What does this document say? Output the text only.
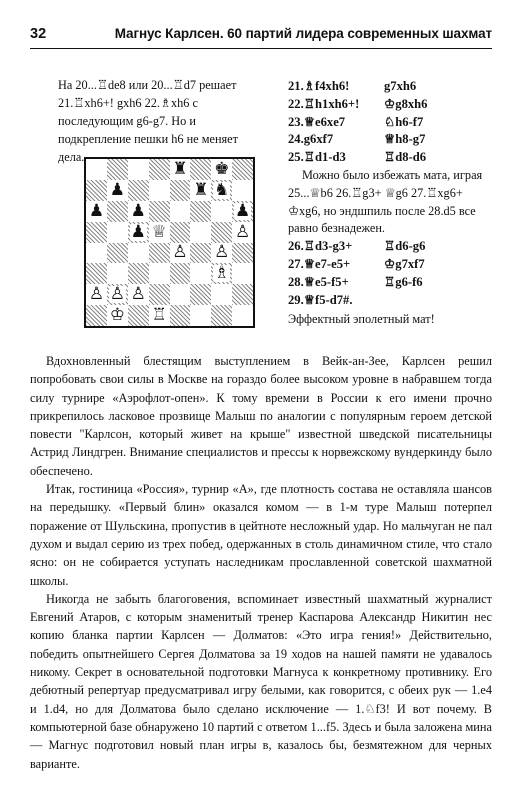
32	Магнус Карлсен. 60 партий лидера современных шахмат
На 20...♖de8 или 20...♖d7 решает 21.♖xh6+! gxh6 22.♗xh6 с последующим g6-g7. Но и подкрепление пешки h6 не меняет дела.
♜ ♚
♟	♜ ♞
♟ ♟	♟
♟ ♕	♙
♙ ♙
♗
♙ ♙ ♙
♔ ♖
21.♗f4xh6!	g7xh6
22.♖h1xh6+! ♔g8xh6
23.♕e6xe7	♘h6-f7
24.g6xf7	♕h8-g7
25.♖d1-d3	♖d8-d6
Можно было избежать мата, играя 25...♕b6 26.♖g3+ ♕g6 27.♖xg6+ ♔xg6, но эндшпиль после 28.d5 все равно безнадежен.
26.♖d3-g3+	♖d6-g6
27.♕e7-e5+	♔g7xf7
28.♕e5-f5+	♖g6-f6
29.♕f5-d7#.
Эффектный эполетный мат!

Вдохновленный блестящим выступлением в Вейк-ан-Зее, Карлсен решил попробовать свои силы в Москве на гораздо более высоком уровне в набравшем тогда силу турнире «Аэрофлот-опен». К тому времени в России к его имени прочно прикрепилось ласковое прозвище Малыш по аналогии с популярным героем детской повести "Карлсон, который живет на крыше" известной шведской писательницы Астрид Линдгрен. Внимание специалистов и прессы к норвежскому вундеркинду было обеспечено.

Итак, гостиница «Россия», турнир «А», где плотность состава не оставляла шансов на передышку. «Первый блин» оказался комом — в 1-м туре Малыш потерпел поражение от Шульскина, пропустив в цейтноте несложный удар. Но мальчуган не пал духом и выдал серию из трех побед, одержанных в столь динамичном стиле, что стало ясно: он не собирается уступать наследникам прославленной советской шахматной школы.

Никогда не забыть благоговения, вспоминает известный шахматный журналист Евгений Атаров, с которым знаменитый тренер Каспарова Александр Никитин нес копию бланка партии Карлсен — Долматов: «Это игра гения!» Действительно, победить опытнейшего Сергея Долматова за 19 ходов на нашей памяти не удавалось никому. Секрет в основательной подготовки Магнуса к конкретному противнику. Его дебютный репертуар предусматривал игру белыми, как говорится, с обеих рук — 1.e4 и 1.d4, но для Долматова было сделано исключение — 1.♘f3! И вот почему. В компьютерной базе обнаружено 10 партий с ответом 1...f5. Здесь и была заложена мина — Магнус подготовил новый план игры в, казалось бы, безмятежном для черных варианте.
